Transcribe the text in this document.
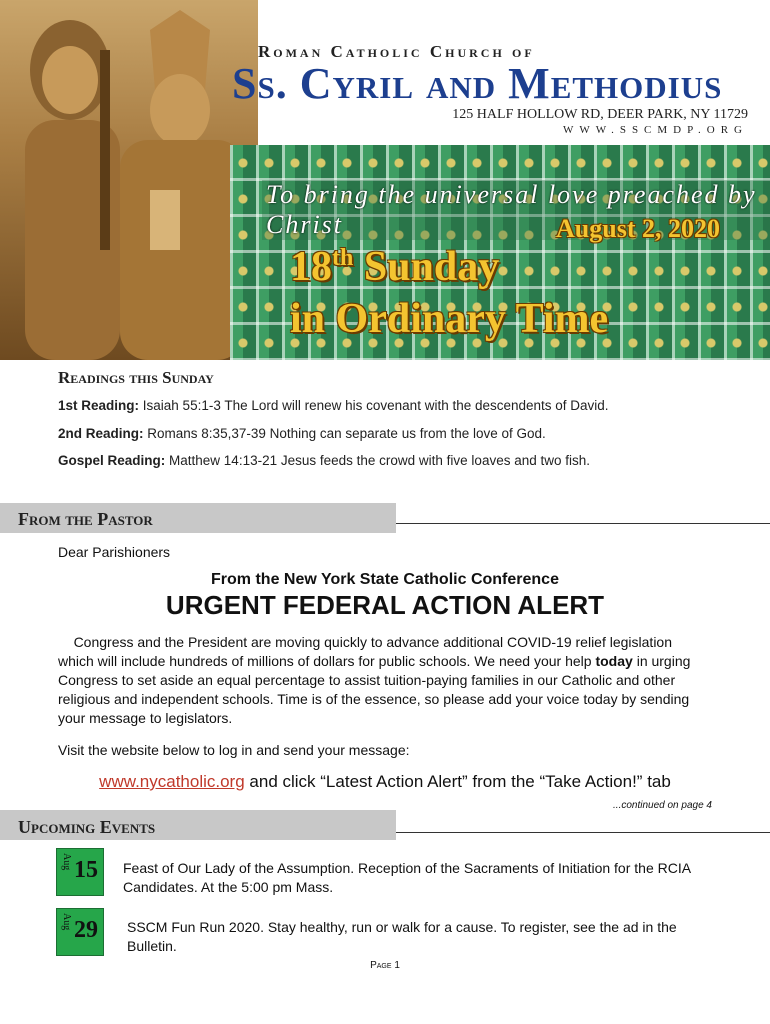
Roman Catholic Church of
Ss. Cyril and Methodius
125 HALF HOLLOW RD, DEER PARK, NY 11729
WWW.SSCMDP.ORG
To bring the universal love preached by Christ	August 2, 2020
18th Sunday
in Ordinary Time
Readings this Sunday
1st Reading: Isaiah 55:1-3 The Lord will renew his covenant with the descendents of David.
2nd Reading: Romans 8:35,37-39 Nothing can separate us from the love of God.
Gospel Reading: Matthew 14:13-21 Jesus feeds the crowd with five loaves and two fish.
From the Pastor
Dear Parishioners
From the New York State Catholic Conference
URGENT FEDERAL ACTION ALERT
Congress and the President are moving quickly to advance additional COVID-19 relief legislation which will include hundreds of millions of dollars for public schools. We need your help today in urging Congress to set aside an equal percentage to assist tuition-paying families in our Catholic and other religious and independent schools. Time is of the essence, so please add your voice today by sending your message to legislators.
Visit the website below to log in and send your message:
www.nycatholic.org and click “Latest Action Alert” from the “Take Action!” tab
...continued on page 4
Upcoming Events
Aug 15 Feast of Our Lady of the Assumption. Reception of the Sacraments of Initiation for the RCIA Candidates. At the 5:00 pm Mass.
Aug 29 SSCM Fun Run 2020. Stay healthy, run or walk for a cause. To register, see the ad in the Bulletin.
Page 1
